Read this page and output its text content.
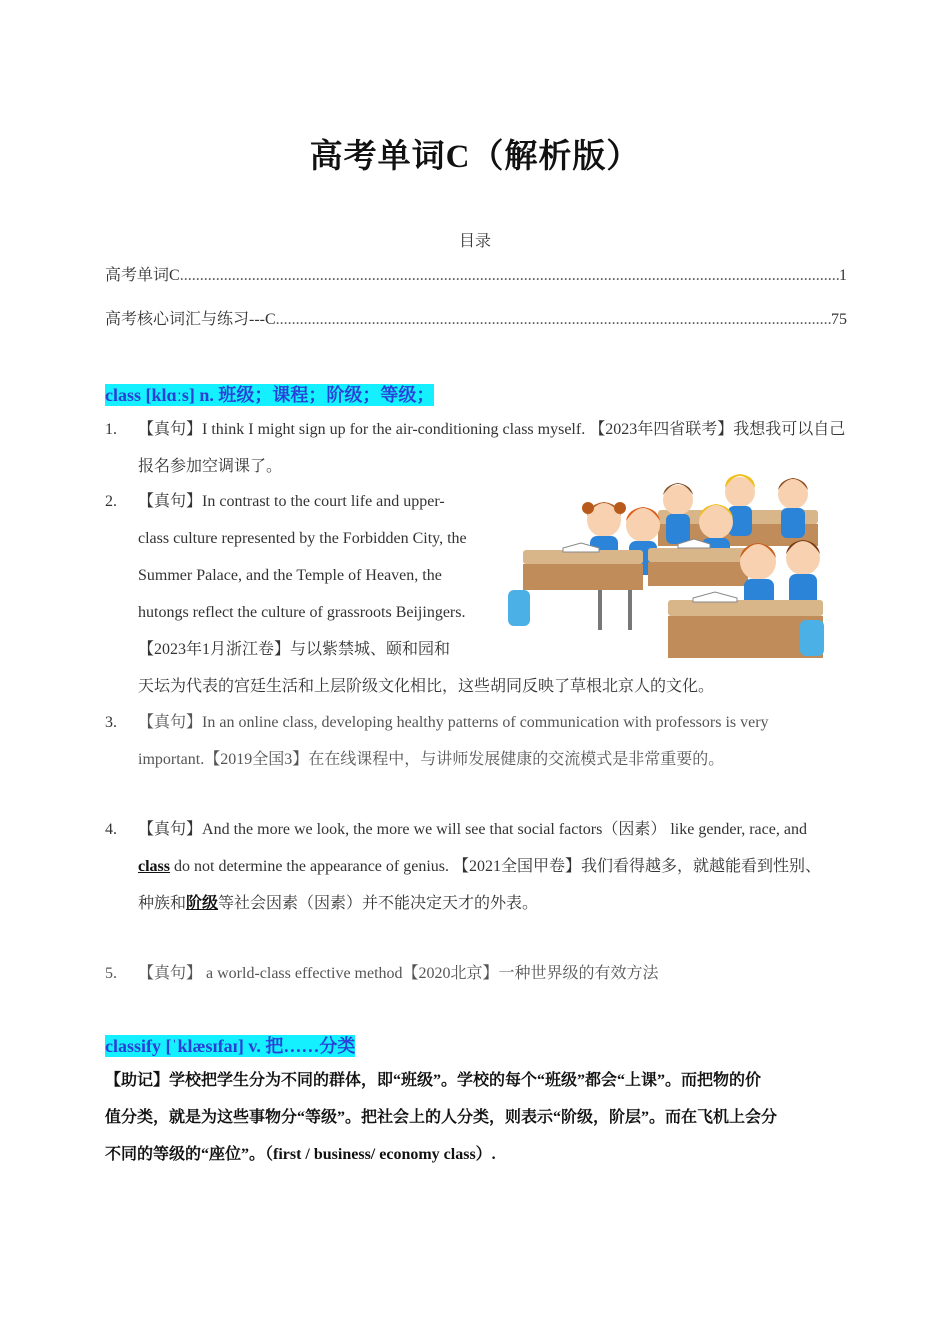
高考单词C（解析版）
目录
高考单词C .....	1
高考核心词汇与练习---C .....	75
class [klɑːs] n. 班级；课程；阶级；等级；
1. 【真句】I think I might sign up for the air-conditioning class myself. 【2023年四省联考】我想我可以自己报名参加空调课了。
2. 【真句】In contrast to the court life and upper-
class culture represented by the Forbidden City, the
Summer Palace, and the Temple of Heaven, the
hutongs reflect the culture of grassroots Beijingers.
【2023年1月浙江卷】与以紫禁城、颐和园和
天坛为代表的宫廷生活和上层阶级文化相比，这些胡同反映了草根北京人的文化。
3. 【真句】In an online class, developing healthy patterns of communication with professors is very
important.【2019全国3】在在线课程中，与讲师发展健康的交流模式是非常重要的。
4. 【真句】And the more we look, the more we will see that social factors（因素） like gender, race, and
class do not determine the appearance of genius. 【2021全国甲卷】我们看得越多，就越能看到性别、
种族和阶级等社会因素（因素）并不能决定天才的外表。
5. 【真句】 a world-class effective method【2020北京】一种世界级的有效方法
classify [ˈklæsɪfaɪ] v. 把……分类
【助记】学校把学生分为不同的群体，即“班级”。学校的每个“班级”都会“上课”。而把物的价
值分类，就是为这些事物分“等级”。把社会上的人分类，则表示“阶级，阶层”。而在飞机上会分
不同的等级的“座位”。（first / business/ economy class）.
